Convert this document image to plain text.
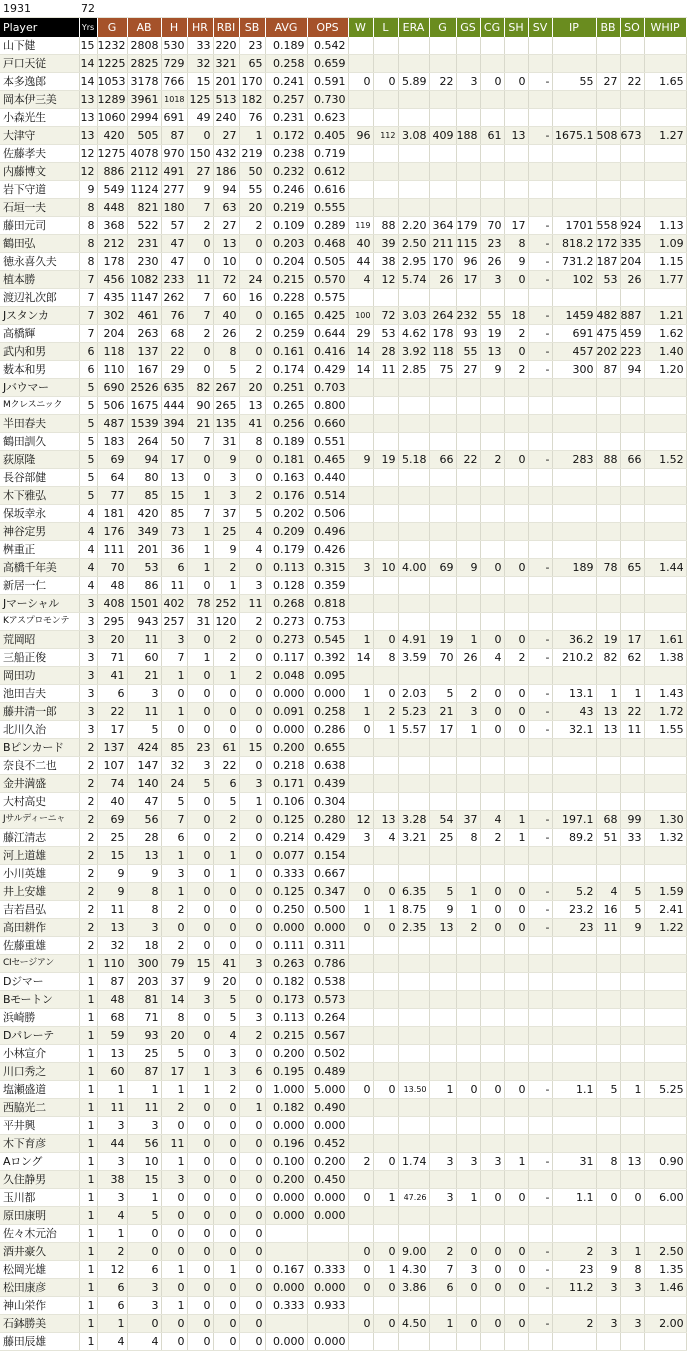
1931	72																				
Player	Yrs	G	AB	H	HR	RBI	SB	AVG	OPS	W	L	ERA	G	GS	CG	SH	SV	IP	BB	SO	WHIP
山下健	15	1232	2808	530	33	220	23	0.189	0.542												
戸口天従	14	1225	2825	729	32	321	65	0.258	0.659												
本多逸郎	14	1053	3178	766	15	201	170	0.241	0.591	0	0	5.89	22	3	0	0	-	55	27	22	1.65
岡本伊三美	13	1289	3961	1018	125	513	182	0.257	0.730												
小森光生	13	1060	2994	691	49	240	76	0.231	0.623												
大津守	13	420	505	87	0	27	1	0.172	0.405	96	112	3.08	409	188	61	13	-	1675.1	508	673	1.27
佐藤孝夫	12	1275	4078	970	150	432	219	0.238	0.719												
内藤博文	12	886	2112	491	27	186	50	0.232	0.612												
岩下守道	9	549	1124	277	9	94	55	0.246	0.616												
石垣一夫	8	448	821	180	7	63	20	0.219	0.555												
藤田元司	8	368	522	57	2	27	2	0.109	0.289	119	88	2.20	364	179	70	17	-	1701	558	924	1.13
鶴田弘	8	212	231	47	0	13	0	0.203	0.468	40	39	2.50	211	115	23	8	-	818.2	172	335	1.09
徳永喜久夫	8	178	230	47	0	10	0	0.204	0.505	44	38	2.95	170	96	26	9	-	731.2	187	204	1.15
植本勝	7	456	1082	233	11	72	24	0.215	0.570	4	12	5.74	26	17	3	0	-	102	53	26	1.77
渡辺礼次郎	7	435	1147	262	7	60	16	0.228	0.575												
Jスタンカ	7	302	461	76	7	40	0	0.165	0.425	100	72	3.03	264	232	55	18	-	1459	482	887	1.21
高橋輝	7	204	263	68	2	26	2	0.259	0.644	29	53	4.62	178	93	19	2	-	691	475	459	1.62
武内和男	6	118	137	22	0	8	0	0.161	0.416	14	28	3.92	118	55	13	0	-	457	202	223	1.40
薮本和男	6	110	167	29	0	5	2	0.174	0.429	14	11	2.85	75	27	9	2	-	300	87	94	1.20
Jバウマー	5	690	2526	635	82	267	20	0.251	0.703												
Mクレスニック	5	506	1675	444	90	265	13	0.265	0.800												
半田春夫	5	487	1539	394	21	135	41	0.256	0.660												
鶴田訓久	5	183	264	50	7	31	8	0.189	0.551												
荻原隆	5	69	94	17	0	9	0	0.181	0.465	9	19	5.18	66	22	2	0	-	283	88	66	1.52
長谷部健	5	64	80	13	0	3	0	0.163	0.440												
木下雅弘	5	77	85	15	1	3	2	0.176	0.514												
保坂幸永	4	181	420	85	7	37	5	0.202	0.506												
神谷定男	4	176	349	73	1	25	4	0.209	0.496												
桝重正	4	111	201	36	1	9	4	0.179	0.426												
高橋千年美	4	70	53	6	1	2	0	0.113	0.315	3	10	4.00	69	9	0	0	-	189	78	65	1.44
新居一仁	4	48	86	11	0	1	3	0.128	0.359												
Jマーシャル	3	408	1501	402	78	252	11	0.268	0.818												
Kアスプロモンテ	3	295	943	257	31	120	2	0.273	0.753												
荒岡昭	3	20	11	3	0	2	0	0.273	0.545	1	0	4.91	19	1	0	0	-	36.2	19	17	1.61
三船正俊	3	71	60	7	1	2	0	0.117	0.392	14	8	3.59	70	26	4	2	-	210.2	82	62	1.38
岡田功	3	41	21	1	0	1	2	0.048	0.095												
池田吉夫	3	6	3	0	0	0	0	0.000	0.000	1	0	2.03	5	2	0	0	-	13.1	1	1	1.43
藤井清一郎	3	22	11	1	0	0	0	0.091	0.258	1	2	5.23	21	3	0	0	-	43	13	22	1.72
北川久治	3	17	5	0	0	0	0	0.000	0.286	0	1	5.57	17	1	0	0	-	32.1	13	11	1.55
Bピンカード	2	137	424	85	23	61	15	0.200	0.655												
奈良不二也	2	107	147	32	3	22	0	0.218	0.638												
金井満盛	2	74	140	24	5	6	3	0.171	0.439												
大村高史	2	40	47	5	0	5	1	0.106	0.304												
Jサルディーニャ	2	69	56	7	0	2	0	0.125	0.280	12	13	3.28	54	37	4	1	-	197.1	68	99	1.30
藤江清志	2	25	28	6	0	2	0	0.214	0.429	3	4	3.21	25	8	2	1	-	89.2	51	33	1.32
河上道雄	2	15	13	1	0	1	0	0.077	0.154												
小川英雄	2	9	9	3	0	1	0	0.333	0.667												
井上安雄	2	9	8	1	0	0	0	0.125	0.347	0	0	6.35	5	1	0	0	-	5.2	4	5	1.59
吉若昌弘	2	11	8	2	0	0	0	0.250	0.500	1	1	8.75	9	1	0	0	-	23.2	16	5	2.41
高田耕作	2	13	3	0	0	0	0	0.000	0.000	0	0	2.35	13	2	0	0	-	23	11	9	1.22
佐藤重雄	2	32	18	2	0	0	0	0.111	0.311												
CIセージアン	1	110	300	79	15	41	3	0.263	0.786												
Dジマー	1	87	203	37	9	20	0	0.182	0.538												
Bモートン	1	48	81	14	3	5	0	0.173	0.573												
浜崎勝	1	68	71	8	0	5	3	0.113	0.264												
Dパレーテ	1	59	93	20	0	4	2	0.215	0.567												
小林宣介	1	13	25	5	0	3	0	0.200	0.502												
川口秀之	1	60	87	17	1	3	6	0.195	0.489												
塩瀬盛道	1	1	1	1	1	2	0	1.000	5.000	0	0	13.50	1	0	0	0	-	1.1	5	1	5.25
西脇光二	1	11	11	2	0	0	1	0.182	0.490												
平井興	1	3	3	0	0	0	0	0.000	0.000												
木下育彦	1	44	56	11	0	0	0	0.196	0.452												
Aロング	1	3	10	1	0	0	0	0.100	0.200	2	0	1.74	3	3	3	1	-	31	8	13	0.90
久住静男	1	38	15	3	0	0	0	0.200	0.450												
玉川都	1	3	1	0	0	0	0	0.000	0.000	0	1	47.26	3	1	0	0	-	1.1	0	0	6.00
原田康明	1	4	5	0	0	0	0	0.000	0.000												
佐々木元治	1	1	0	0	0	0	0														
酒井豪久	1	2	0	0	0	0	0			0	0	9.00	2	0	0	0	-	2	3	1	2.50
松岡光雄	1	12	6	1	0	1	0	0.167	0.333	0	1	4.30	7	3	0	0	-	23	9	8	1.35
松田康彦	1	6	3	0	0	0	0	0.000	0.000	0	0	3.86	6	0	0	0	-	11.2	3	3	1.46
神山栄作	1	6	3	1	0	0	0	0.333	0.933												
石鉢勝美	1	1	0	0	0	0	0			0	0	4.50	1	0	0	0	-	2	3	3	2.00
藤田辰雄	1	4	4	0	0	0	0	0.000	0.000												
